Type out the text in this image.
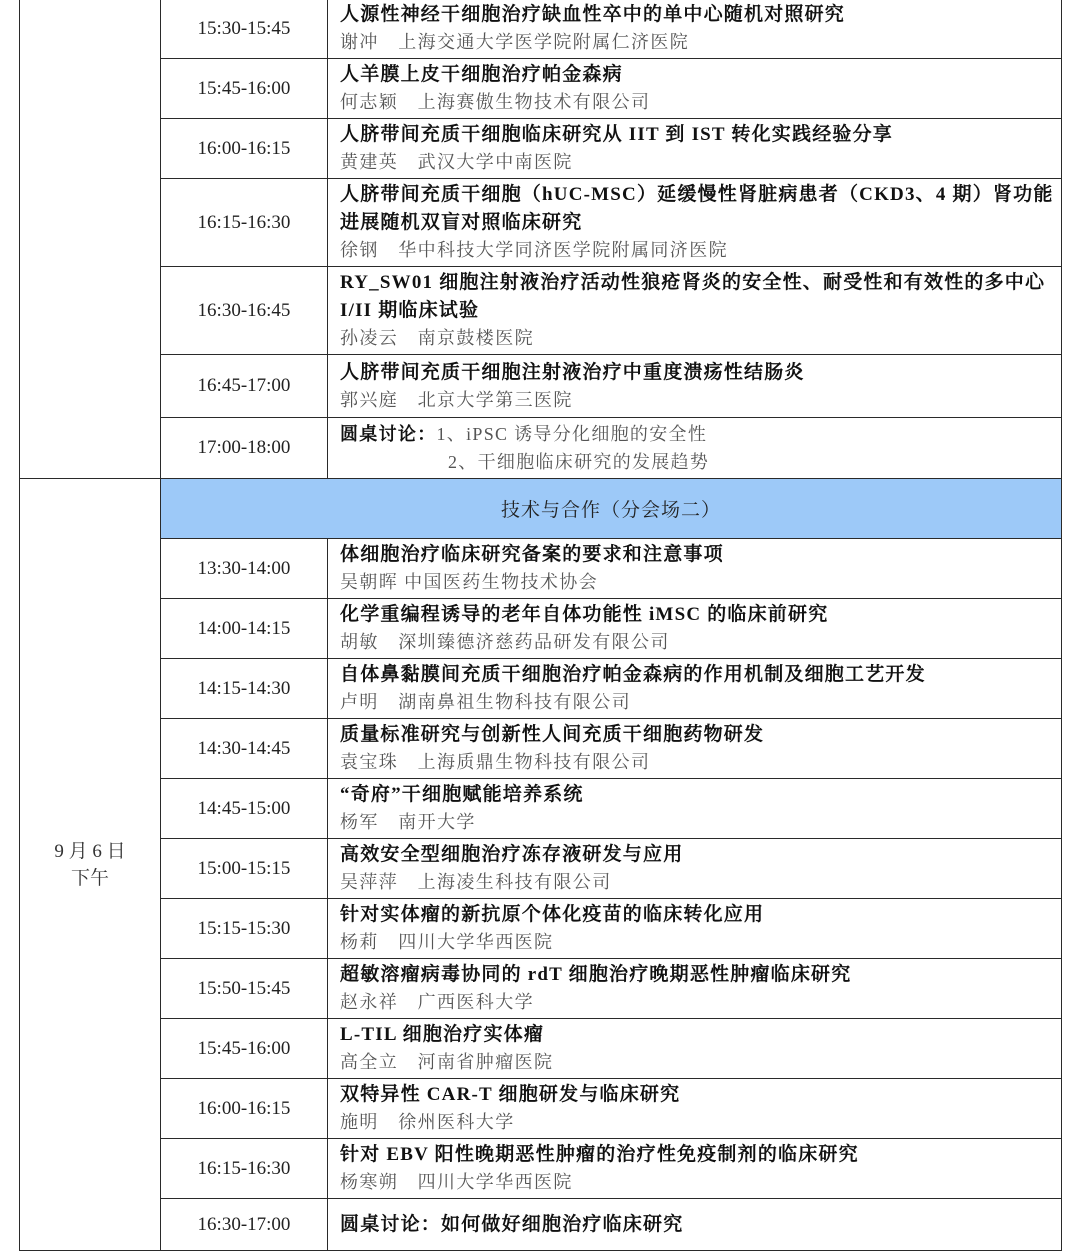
	15:30-15:45	人源性神经干细胞治疗缺血性卒中的单中心随机对照研究
谢冲　上海交通大学医学院附属仁济医院

	15:45-16:00	人羊膜上皮干细胞治疗帕金森病
何志颖　上海赛傲生物技术有限公司

	16:00-16:15	人脐带间充质干细胞临床研究从 IIT 到 IST 转化实践经验分享
黄建英　武汉大学中南医院

	16:15-16:30	人脐带间充质干细胞（hUC-MSC）延缓慢性肾脏病患者（CKD3、4 期）肾功能进展随机双盲对照临床研究
徐钢　华中科技大学同济医学院附属同济医院

	16:30-16:45	RY_SW01 细胞注射液治疗活动性狼疮肾炎的安全性、耐受性和有效性的多中心 I/II 期临床试验
孙凌云　南京鼓楼医院

	16:45-17:00	人脐带间充质干细胞注射液治疗中重度溃疡性结肠炎
郭兴庭　北京大学第三医院

	17:00-18:00	圆桌讨论：1、iPSC 诱导分化细胞的安全性
2、干细胞临床研究的发展趋势

9 月 6 日
下午	技术与合作（分会场二）	
	13:30-14:00	体细胞治疗临床研究备案的要求和注意事项
吴朝晖 中国医药生物技术协会

	14:00-14:15	化学重编程诱导的老年自体功能性 iMSC 的临床前研究
胡敏　深圳臻德济慈药品研发有限公司

	14:15-14:30	自体鼻黏膜间充质干细胞治疗帕金森病的作用机制及细胞工艺开发
卢明　湖南鼻祖生物科技有限公司

	14:30-14:45	质量标准研究与创新性人间充质干细胞药物研发
袁宝珠　上海质鼎生物科技有限公司

	14:45-15:00	“奇府”干细胞赋能培养系统
杨军　南开大学

	15:00-15:15	高效安全型细胞治疗冻存液研发与应用
吴萍萍　上海凌生科技有限公司

	15:15-15:30	针对实体瘤的新抗原个体化疫苗的临床转化应用
杨莉　四川大学华西医院

	15:50-15:45	超敏溶瘤病毒协同的 rdT 细胞治疗晚期恶性肿瘤临床研究
赵永祥　广西医科大学

	15:45-16:00	L-TIL 细胞治疗实体瘤
高全立　河南省肿瘤医院

	16:00-16:15	双特异性 CAR-T 细胞研发与临床研究
施明　徐州医科大学

	16:15-16:30	针对 EBV 阳性晚期恶性肿瘤的治疗性免疫制剂的临床研究
杨寒朔　四川大学华西医院

	16:30-17:00	圆桌讨论：如何做好细胞治疗临床研究
